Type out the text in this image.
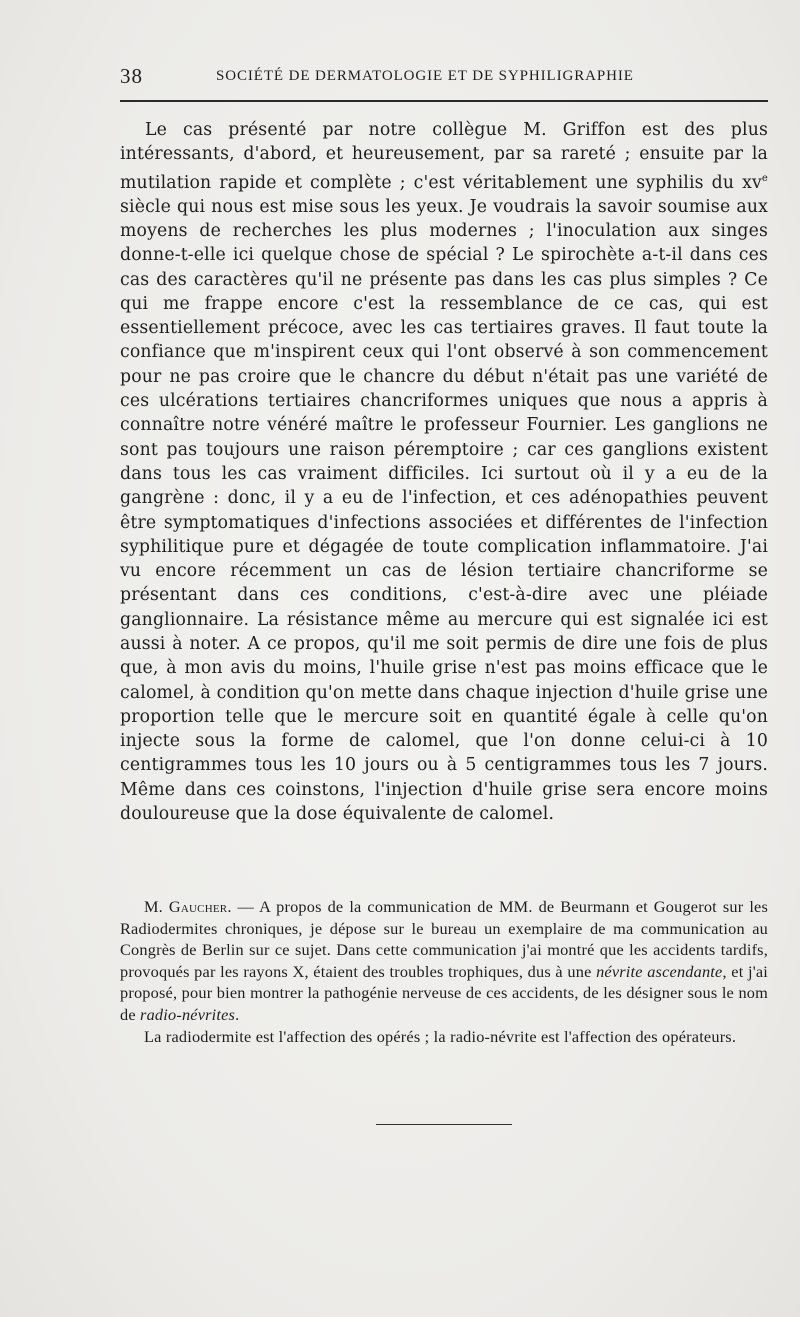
38	SOCIÉTÉ DE DERMATOLOGIE ET DE SYPHILIGRAPHIE

Le cas présenté par notre collègue M. Griffon est des plus intéressants, d'abord, et heureusement, par sa rareté ; ensuite par la mutilation rapide et complète ; c'est véritablement une syphilis du $xv^e$ siècle qui nous est mise sous les yeux. Je voudrais la savoir soumise aux moyens de recherches les plus modernes ; l'inoculation aux singes donne-t-elle ici quelque chose de spécial ? Le spirochète a-t-il dans ces cas des caractères qu'il ne présente pas dans les cas plus simples ? Ce qui me frappe encore c'est la ressemblance de ce cas, qui est essentiellement précoce, avec les cas tertiaires graves. Il faut toute la confiance que m'inspirent ceux qui l'ont observé à son commencement pour ne pas croire que le chancre du début n'était pas une variété de ces ulcérations tertiaires chancriformes uniques que nous a appris à connaître notre vénéré maître le professeur Fournier. Les ganglions ne sont pas toujours une raison péremptoire ; car ces ganglions existent dans tous les cas vraiment difficiles. Ici surtout où il y a eu de la gangrène : donc, il y a eu de l'infection, et ces adénopathies peuvent être symptomatiques d'infections associées et différentes de l'infection syphilitique pure et dégagée de toute complication inflammatoire. J'ai vu encore récemment un cas de lésion tertiaire chancriforme se présentant dans ces conditions, c'est-à-dire avec une pléiade ganglionnaire. La résistance même au mercure qui est signalée ici est aussi à noter. A ce propos, qu'il me soit permis de dire une fois de plus que, à mon avis du moins, l'huile grise n'est pas moins efficace que le calomel, à condition qu'on mette dans chaque injection d'huile grise une proportion telle que le mercure soit en quantité égale à celle qu'on injecte sous la forme de calomel, que l'on donne celui-ci à 10 centigrammes tous les 10 jours ou à 5 centigrammes tous les 7 jours. Même dans ces coinstons, l'injection d'huile grise sera encore moins douloureuse que la dose équivalente de calomel.

M. Gaucher. — A propos de la communication de MM. de Beurmann et Gougerot sur les Radiodermites chroniques, je dépose sur le bureau un exemplaire de ma communication au Congrès de Berlin sur ce sujet. Dans cette communication j'ai montré que les accidents tardifs, provoqués par les rayons X, étaient des troubles trophiques, dus à une névrite ascendante, et j'ai proposé, pour bien montrer la pathogénie nerveuse de ces accidents, de les désigner sous le nom de radio-névrites.

La radiodermite est l'affection des opérés ; la radio-névrite est l'affection des opérateurs.
